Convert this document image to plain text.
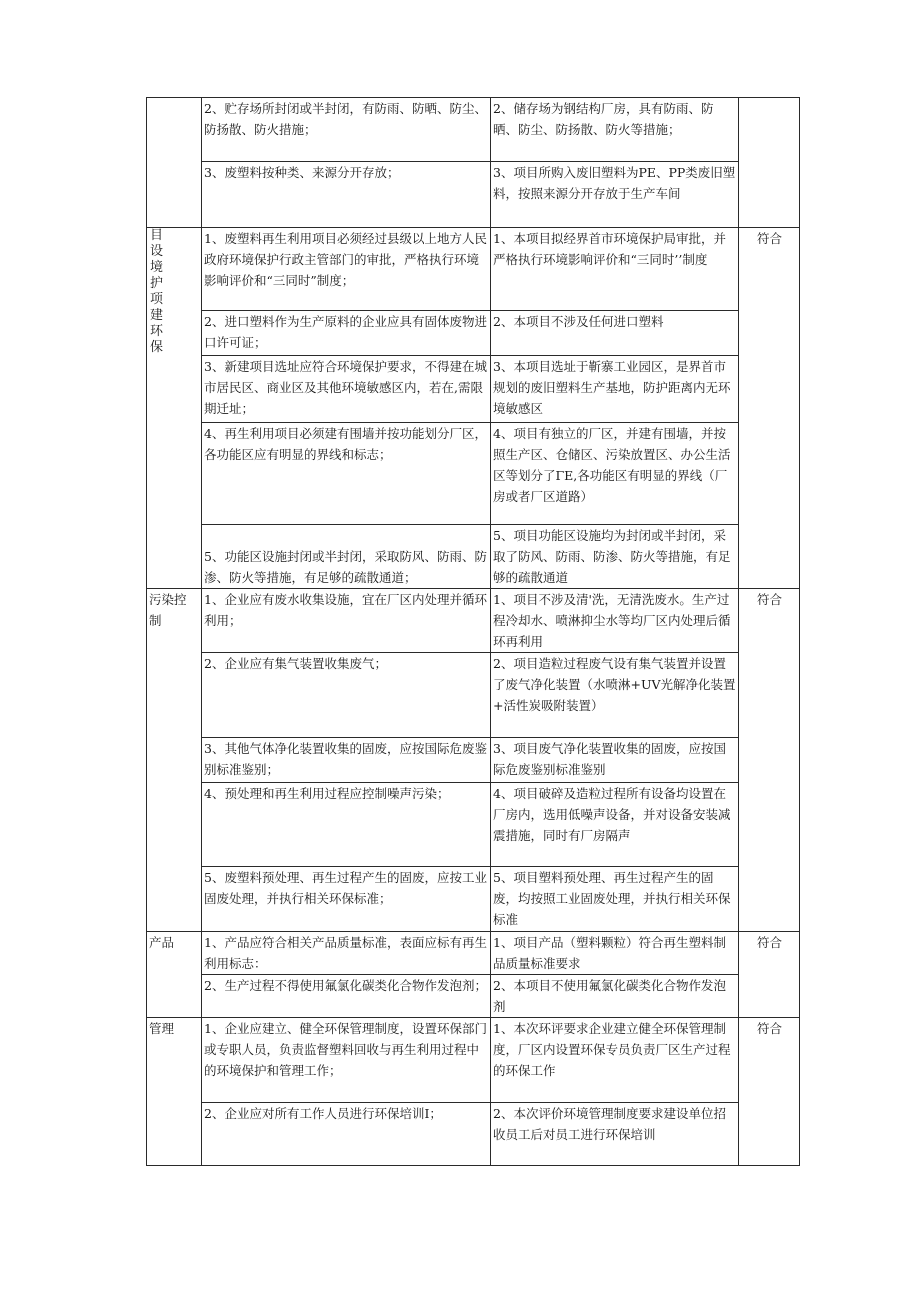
	2、贮存场所封闭或半封闭，有防雨、防晒、防尘、防扬散、防火措施；	2、储存场为钢结构厂房，具有防雨、防晒、防尘、防扬散、防火等措施；	
	3、废塑料按种类、来源分开存放；	3、项目所购入废旧塑料为PE、PP类废旧塑料，按照来源分开存放于生产车间	

目设境护项建环保	1、废塑料再生利用项目必须经过县级以上地方人民政府环境保护行政主管部门的审批，严格执行环境影响评价和“三同时”制度；	1、本项目拟经界首市环境保护局审批，并严格执行环境影响评价和“三同时’’制度	符合
	2、进口塑料作为生产原料的企业应具有固体废物进口许可证；	2、本项目不涉及任何进口塑料	
	3、新建项目选址应符合环境保护要求，不得建在城市居民区、商业区及其他环境敏感区内，若在,需限期迁址；	3、本项目选址于靳寨工业园区，是界首市规划的废旧塑料生产基地，防护距离内无环境敏感区	
	4、再生利用项目必须建有围墙并按功能划分厂区，各功能区应有明显的界线和标志；	4、项目有独立的厂区，并建有围墙，并按照生产区、仓储区、污染放置区、办公生活区等划分了ΓE,各功能区有明显的界线（厂房或者厂区道路）	
	5、功能区设施封闭或半封闭，采取防风、防雨、防渗、防火等措施，有足够的疏散通道；	5、项目功能区设施均为封闭或半封闭，采取了防风、防雨、防渗、防火等措施，有足够的疏散通道	

污染控制	1、企业应有废水收集设施，宜在厂区内处理并循环利用；	1、项目不涉及清'洗，无清洗废水。生产过程冷却水、喷淋抑尘水等均厂区内处理后循环再利用	符合
	2、企业应有集气装置收集废气；	2、项目造粒过程废气设有集气装置并设置了废气净化装置（水喷淋+UV光解净化装置+活性炭吸附装置）	
	3、其他气体净化装置收集的固废，应按国际危废鉴别标准鉴别；	3、项目废气净化装置收集的固废，应按国际危废鉴别标准鉴别	
	4、预处理和再生利用过程应控制噪声污染；	4、项目破碎及造粒过程所有设备均设置在厂房内，选用低噪声设备，并对设备安装减震措施，同时有厂房隔声	
	5、废塑料预处理、再生过程产生的固废，应按工业固废处理，并执行相关环保标准；	5、项目塑料预处理、再生过程产生的固废，均按照工业固废处理，并执行相关环保标准	

产品	1、产品应符合相关产品质量标准，表面应标有再生利用标志：	1、项目产品（塑料颗粒）符合再生塑料制品质量标准要求	符合
	2、生产过程不得使用氟氯化碳类化合物作发泡剂；	2、本项目不使用氟氯化碳类化合物作发泡剂	

管理	1、企业应建立、健全环保管理制度，设置环保部门或专职人员，负责监督塑料回收与再生利用过程中的环境保护和管理工作；	1、本次环评要求企业建立健全环保管理制度，厂区内设置环保专员负责厂区生产过程的环保工作	符合
	2、企业应对所有工作人员进行环保培训I；	2、本次评价环境管理制度要求建设单位招收员工后对员工进行环保培训	
